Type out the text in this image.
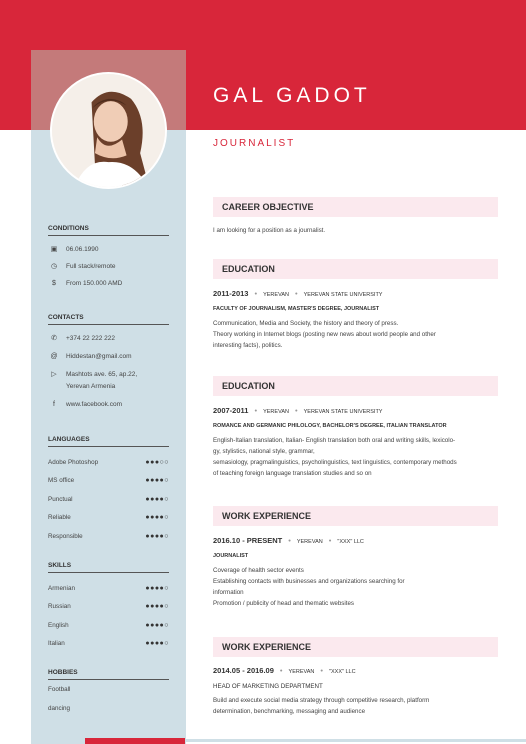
GAL GADOT
JOURNALIST
CONDITIONS
▣	06.06.1990
◷	Full stack/remote
$	From 150.000 AMD
CONTACTS
✆	+374 22 222 222
@	Hiddestan@gmail.com
▷	Mashtots ave. 65, ap.22,
Yerevan Armenia
f	www.facebook.com
LANGUAGES
Adobe Photoshop	●●●○○
MS office	●●●●○
Punctual	●●●●○
Reliable	●●●●○
Responsible	●●●●○
SKILLS
Armenian	●●●●○
Russian	●●●●○
English	●●●●○
Italian	●●●●○
HOBBIES
Football
dancing
CAREER OBJECTIVE
I am looking for a position as a journalist.
EDUCATION
2011-2013 • YEREVAN • YEREVAN STATE UNIVERSITY
FACULTY OF JOURNALISM, MASTER'S DEGREE, JOURNALIST
Communication, Media and Society, the history and theory of press.
Theory working in Internet blogs (posting new news about world people and other
interesting facts), politics.
EDUCATION
2007-2011 • YEREVAN • YEREVAN STATE UNIVERSITY
ROMANCE AND GERMANIC PHILOLOGY, BACHELOR'S DEGREE, ITALIAN TRANSLATOR
English-Italian translation, Italian- English translation both oral and writing skills, lexicolo-
gy, stylistics, national style, grammar,
semasiology, pragmalinguistics, psycholinguistics, text linguistics, contemporary methods
of teaching foreign language translation studies and so on
WORK EXPERIENCE
2016.10 - PRESENT • YEREVAN • "XXX" LLC
JOURNALIST
Coverage of health sector events
Establishing contacts with businesses and organizations searching for
information
Promotion / publicity of head and thematic websites
WORK EXPERIENCE
2014.05 - 2016.09 • YEREVAN • "XXX" LLC
HEAD OF MARKETING DEPARTMENT
Build and execute social media strategy through competitive research, platform
determination, benchmarking, messaging and audience
